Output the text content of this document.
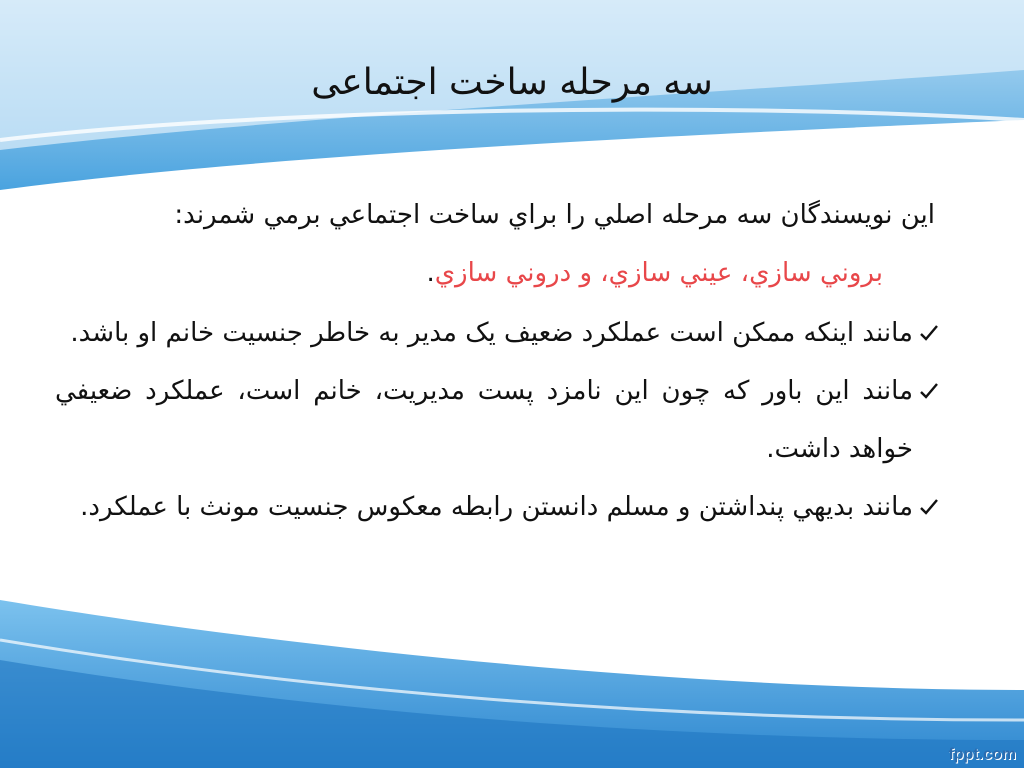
سه مرحله ساخت اجتماعی

اين نويسندگان سه مرحله اصلي را براي ساخت اجتماعي برمي شمرند:
بروني سازي، عيني سازي، و دروني سازي.

مانند اینکه ممکن است عملکرد ضعیف یک مدیر به خاطر جنسیت خانم او باشد.
مانند این باور که چون این نامزد پست مدیریت، خانم است، عملکرد ضعيفي خواهد داشت.
مانند بديهي پنداشتن و مسلم دانستن رابطه معکوس جنسیت مونث با عملکرد.
fppt.com
